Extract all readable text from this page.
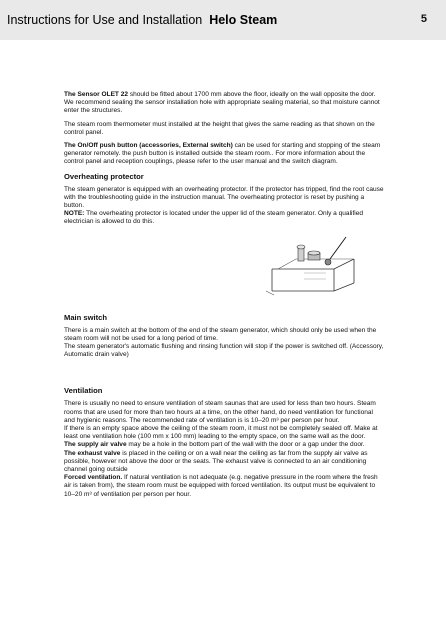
Instructions for Use and Installation Helo Steam	5

The Sensor OLET 22 should be fitted about 1700 mm above the floor, ideally on the wall opposite the door. We recommend sealing the sensor installation hole with appropriate sealing material, so that moisture cannot enter the structures.

The steam room thermometer must installed at the height that gives the same reading as that shown on the control panel.

The On/Off push button (accessories, External switch) can be used for starting and stopping of the steam generator remotely. the push button is installed outside the steam room.. For more information about the control panel and reception couplings, please refer to the user manual and the switch diagram.

Overheating protector

The steam generator is equipped with an overheating protector. If the protector has tripped, find the root cause with the troubleshooting guide in the instruction manual. The overheating protector is reset by pushing a button.

NOTE: The overheating protector is located under the upper lid of the steam generator. Only a qualified electrician is allowed to do this.

Main switch

There is a main switch at the bottom of the end of the steam generator, which should only be used when the steam room will not be used for a long period of time.

The steam generator's automatic flushing and rinsing function will stop if the power is switched off. (Accessory, Automatic drain valve)

Ventilation

There is usually no need to ensure ventilation of steam saunas that are used for less than two hours. Steam rooms that are used for more than two hours at a time, on the other hand, do need ventilation for functional and hygienic reasons. The recommended rate of ventilation is is 10–20 m³ per person per hour.

If there is an empty space above the ceiling of the steam room, it must not be completely sealed off. Make at least one ventilation hole (100 mm x 100 mm) leading to the empty space, on the same wall as the door.

The supply air valve may be a hole in the bottom part of the wall with the door or a gap under the door.

The exhaust valve is placed in the ceiling or on a wall near the ceiling as far from the supply air valve as possible, however not above the door or the seats. The exhaust valve is connected to an air conditioning channel going outside

Forced ventilation. If natural ventilation is not adequate (e.g. negative pressure in the room where the fresh air is taken from), the steam room must be equipped with forced ventilation. Its output must be equivalent to 10–20 m³ of ventilation per person per hour.
